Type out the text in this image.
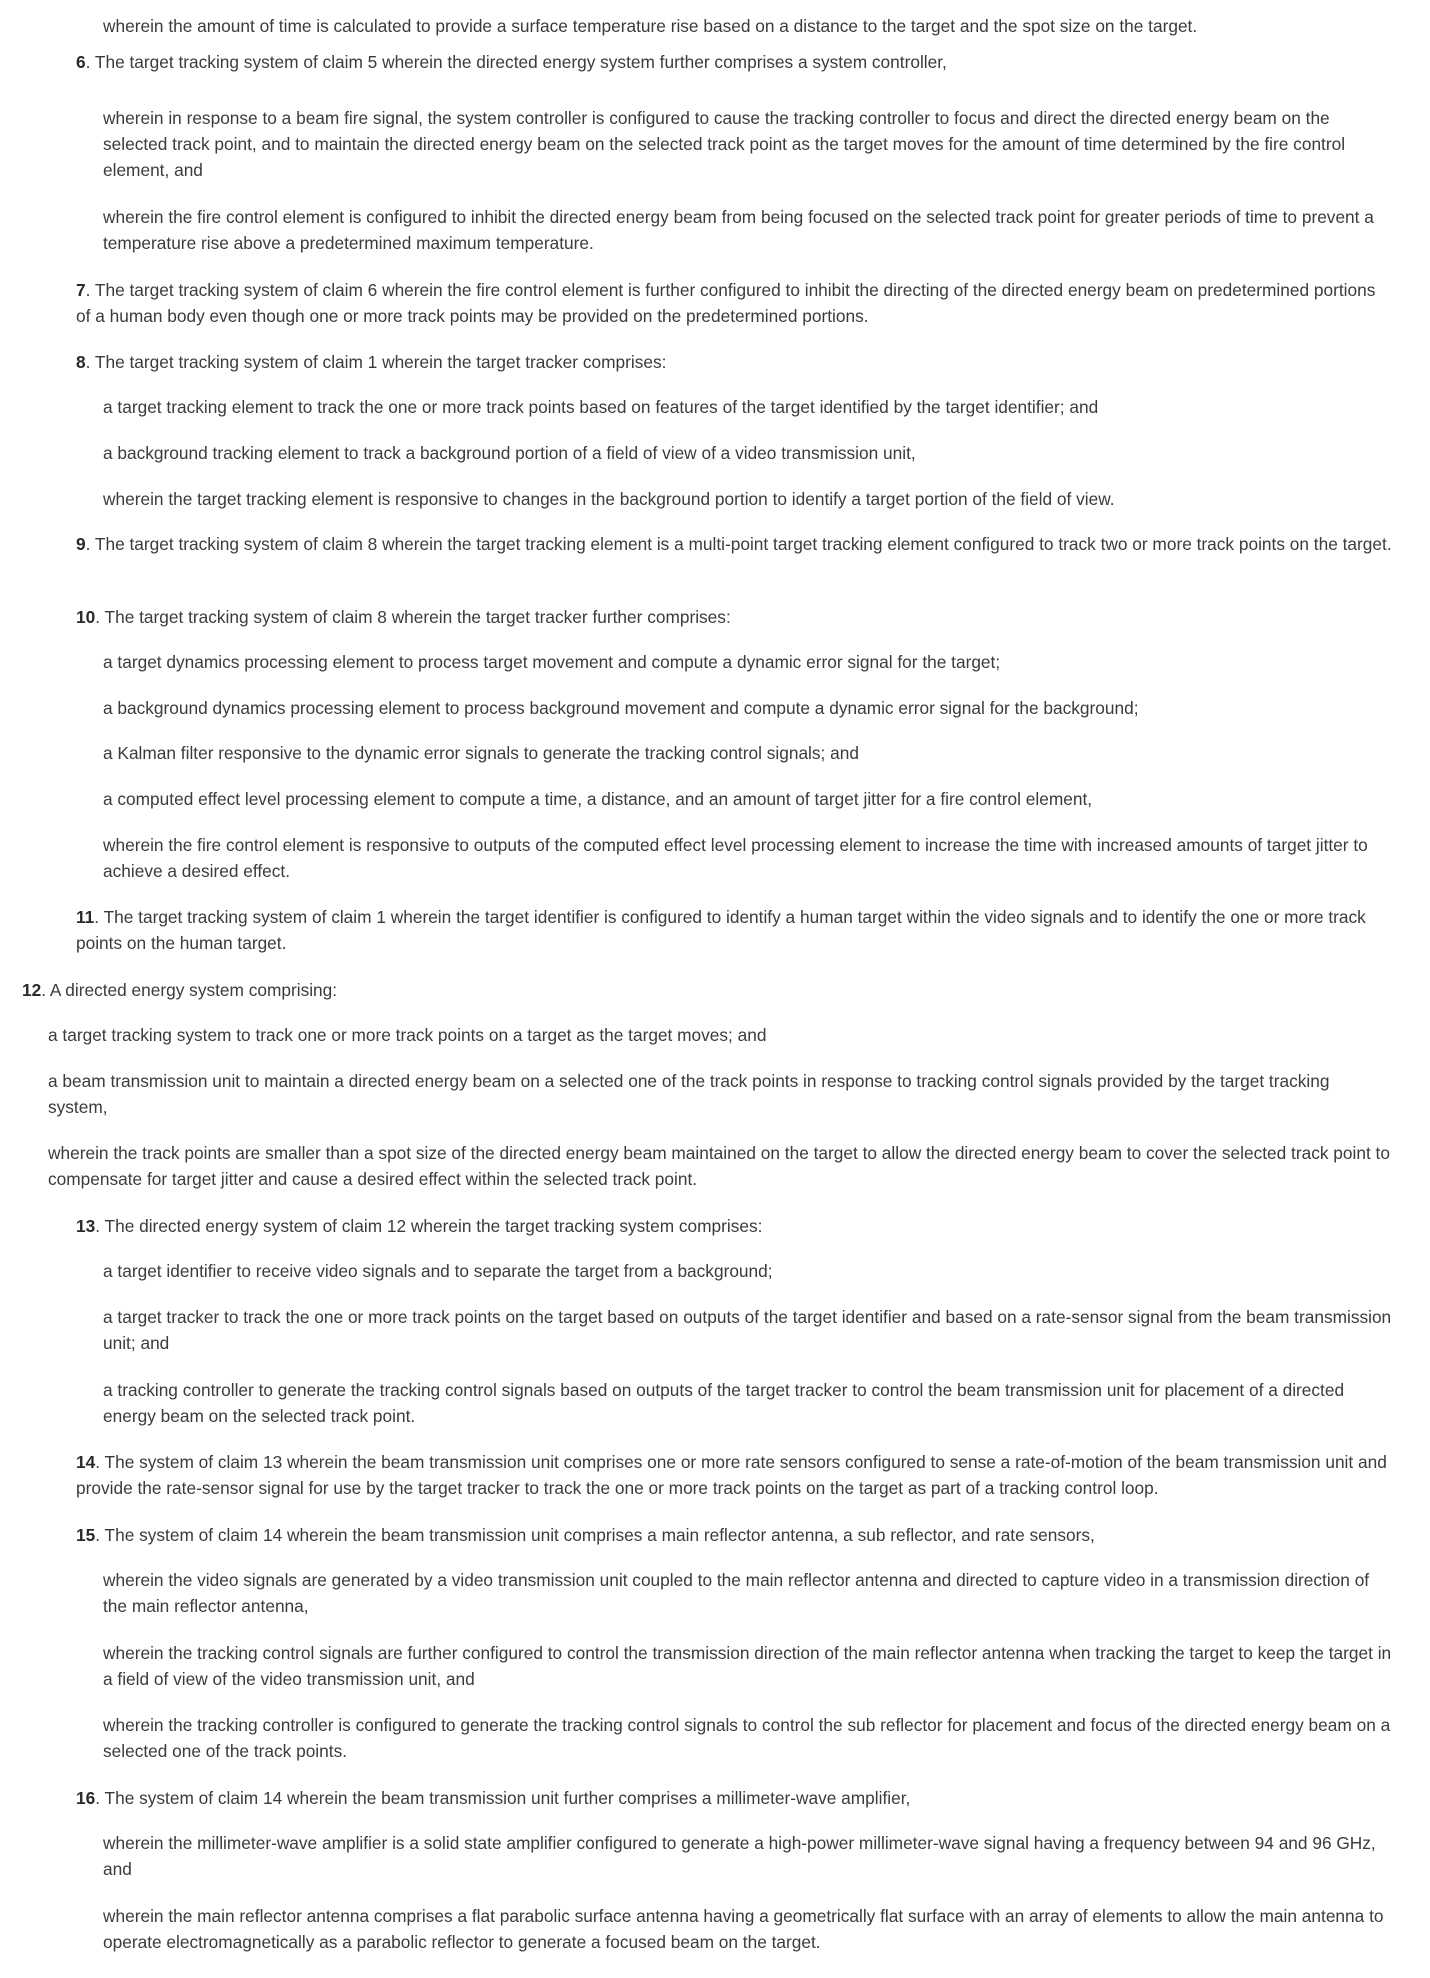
wherein the amount of time is calculated to provide a surface temperature rise based on a distance to the target and the spot size on the target.

6. The target tracking system of claim 5 wherein the directed energy system further comprises a system controller,

wherein in response to a beam fire signal, the system controller is configured to cause the tracking controller to focus and direct the directed energy beam on the selected track point, and to maintain the directed energy beam on the selected track point as the target moves for the amount of time determined by the fire control element, and

wherein the fire control element is configured to inhibit the directed energy beam from being focused on the selected track point for greater periods of time to prevent a temperature rise above a predetermined maximum temperature.

7. The target tracking system of claim 6 wherein the fire control element is further configured to inhibit the directing of the directed energy beam on predetermined portions of a human body even though one or more track points may be provided on the predetermined portions.

8. The target tracking system of claim 1 wherein the target tracker comprises:

a target tracking element to track the one or more track points based on features of the target identified by the target identifier; and

a background tracking element to track a background portion of a field of view of a video transmission unit,

wherein the target tracking element is responsive to changes in the background portion to identify a target portion of the field of view.

9. The target tracking system of claim 8 wherein the target tracking element is a multi-point target tracking element configured to track two or more track points on the target.

10. The target tracking system of claim 8 wherein the target tracker further comprises:

a target dynamics processing element to process target movement and compute a dynamic error signal for the target;

a background dynamics processing element to process background movement and compute a dynamic error signal for the background;

a Kalman filter responsive to the dynamic error signals to generate the tracking control signals; and

a computed effect level processing element to compute a time, a distance, and an amount of target jitter for a fire control element,

wherein the fire control element is responsive to outputs of the computed effect level processing element to increase the time with increased amounts of target jitter to achieve a desired effect.

11. The target tracking system of claim 1 wherein the target identifier is configured to identify a human target within the video signals and to identify the one or more track points on the human target.

12. A directed energy system comprising:

a target tracking system to track one or more track points on a target as the target moves; and

a beam transmission unit to maintain a directed energy beam on a selected one of the track points in response to tracking control signals provided by the target tracking system,

wherein the track points are smaller than a spot size of the directed energy beam maintained on the target to allow the directed energy beam to cover the selected track point to compensate for target jitter and cause a desired effect within the selected track point.

13. The directed energy system of claim 12 wherein the target tracking system comprises:

a target identifier to receive video signals and to separate the target from a background;

a target tracker to track the one or more track points on the target based on outputs of the target identifier and based on a rate-sensor signal from the beam transmission unit; and

a tracking controller to generate the tracking control signals based on outputs of the target tracker to control the beam transmission unit for placement of a directed energy beam on the selected track point.

14. The system of claim 13 wherein the beam transmission unit comprises one or more rate sensors configured to sense a rate-of-motion of the beam transmission unit and provide the rate-sensor signal for use by the target tracker to track the one or more track points on the target as part of a tracking control loop.

15. The system of claim 14 wherein the beam transmission unit comprises a main reflector antenna, a sub reflector, and rate sensors,

wherein the video signals are generated by a video transmission unit coupled to the main reflector antenna and directed to capture video in a transmission direction of the main reflector antenna,

wherein the tracking control signals are further configured to control the transmission direction of the main reflector antenna when tracking the target to keep the target in a field of view of the video transmission unit, and

wherein the tracking controller is configured to generate the tracking control signals to control the sub reflector for placement and focus of the directed energy beam on a selected one of the track points.

16. The system of claim 14 wherein the beam transmission unit further comprises a millimeter-wave amplifier,

wherein the millimeter-wave amplifier is a solid state amplifier configured to generate a high-power millimeter-wave signal having a frequency between 94 and 96 GHz, and

wherein the main reflector antenna comprises a flat parabolic surface antenna having a geometrically flat surface with an array of elements to allow the main antenna to operate electromagnetically as a parabolic reflector to generate a focused beam on the target.
